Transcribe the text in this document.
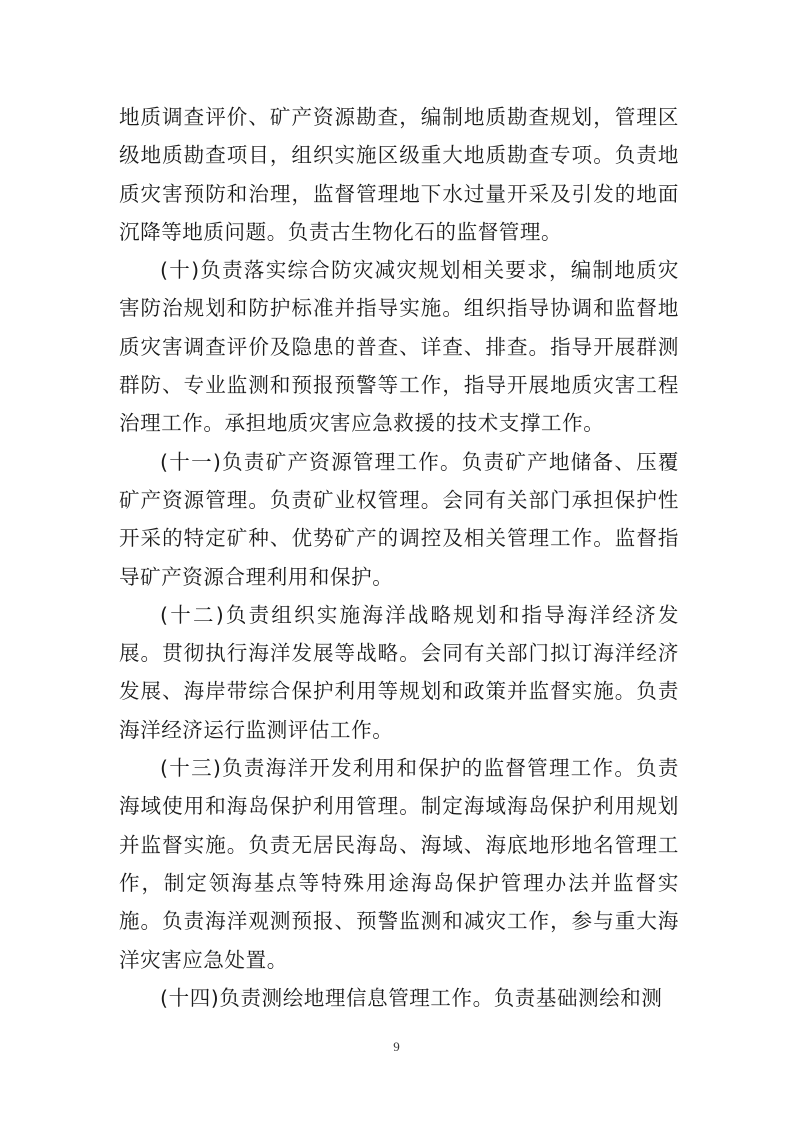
地质调查评价、矿产资源勘查，编制地质勘查规划，管理区级地质勘查项目，组织实施区级重大地质勘查专项。负责地质灾害预防和治理，监督管理地下水过量开采及引发的地面沉降等地质问题。负责古生物化石的监督管理。

(十)负责落实综合防灾减灾规划相关要求，编制地质灾害防治规划和防护标准并指导实施。组织指导协调和监督地质灾害调查评价及隐患的普查、详查、排查。指导开展群测群防、专业监测和预报预警等工作，指导开展地质灾害工程治理工作。承担地质灾害应急救援的技术支撑工作。

(十一)负责矿产资源管理工作。负责矿产地储备、压覆矿产资源管理。负责矿业权管理。会同有关部门承担保护性开采的特定矿种、优势矿产的调控及相关管理工作。监督指导矿产资源合理利用和保护。

(十二)负责组织实施海洋战略规划和指导海洋经济发展。贯彻执行海洋发展等战略。会同有关部门拟订海洋经济发展、海岸带综合保护利用等规划和政策并监督实施。负责海洋经济运行监测评估工作。

(十三)负责海洋开发利用和保护的监督管理工作。负责海域使用和海岛保护利用管理。制定海域海岛保护利用规划并监督实施。负责无居民海岛、海域、海底地形地名管理工作，制定领海基点等特殊用途海岛保护管理办法并监督实施。负责海洋观测预报、预警监测和减灾工作，参与重大海洋灾害应急处置。

(十四)负责测绘地理信息管理工作。负责基础测绘和测

9
